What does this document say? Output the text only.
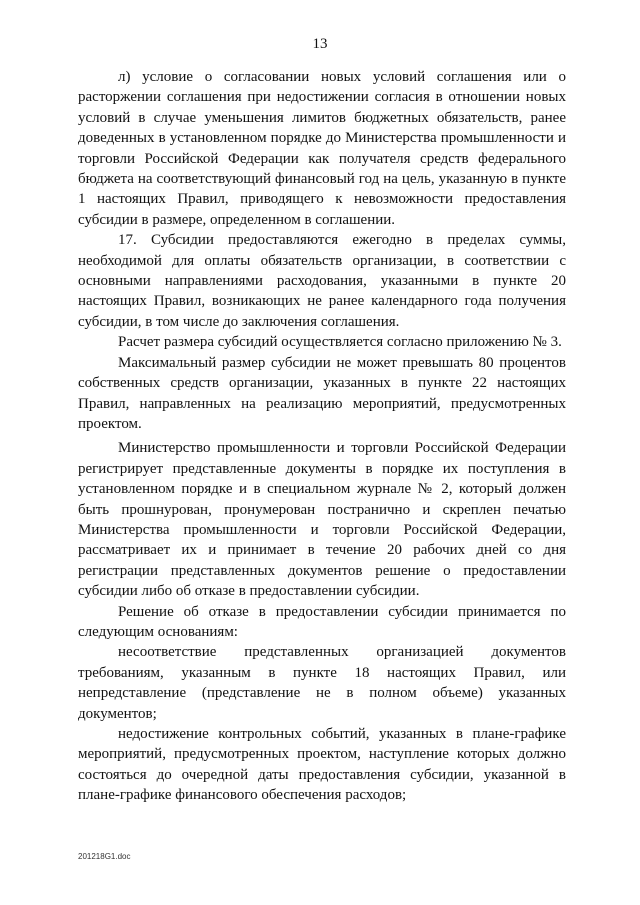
13

л) условие о согласовании новых условий соглашения или о расторжении соглашения при недостижении согласия в отношении новых условий в случае уменьшения лимитов бюджетных обязательств, ранее доведенных в установленном порядке до Министерства промышленности и торговли Российской Федерации как получателя средств федерального бюджета на соответствующий финансовый год на цель, указанную в пункте 1 настоящих Правил, приводящего к невозможности предоставления субсидии в размере, определенном в соглашении.

17. Субсидии предоставляются ежегодно в пределах суммы, необходимой для оплаты обязательств организации, в соответствии с основными направлениями расходования, указанными в пункте 20 настоящих Правил, возникающих не ранее календарного года получения субсидии, в том числе до заключения соглашения.

Расчет размера субсидий осуществляется согласно приложению № 3.

Максимальный размер субсидии не может превышать 80 процентов собственных средств организации, указанных в пункте 22 настоящих Правил, направленных на реализацию мероприятий, предусмотренных проектом.

Министерство промышленности и торговли Российской Федерации регистрирует представленные документы в порядке их поступления в установленном порядке и в специальном журнале № 2, который должен быть прошнурован, пронумерован постранично и скреплен печатью Министерства промышленности и торговли Российской Федерации, рассматривает их и принимает в течение 20 рабочих дней со дня регистрации представленных документов решение о предоставлении субсидии либо об отказе в предоставлении субсидии.

Решение об отказе в предоставлении субсидии принимается по следующим основаниям:

несоответствие представленных организацией документов требованиям, указанным в пункте 18 настоящих Правил, или непредставление (представление не в полном объеме) указанных документов;

недостижение контрольных событий, указанных в плане-графике мероприятий, предусмотренных проектом, наступление которых должно состояться до очередной даты предоставления субсидии, указанной в плане-графике финансового обеспечения расходов;

201218G1.doc
